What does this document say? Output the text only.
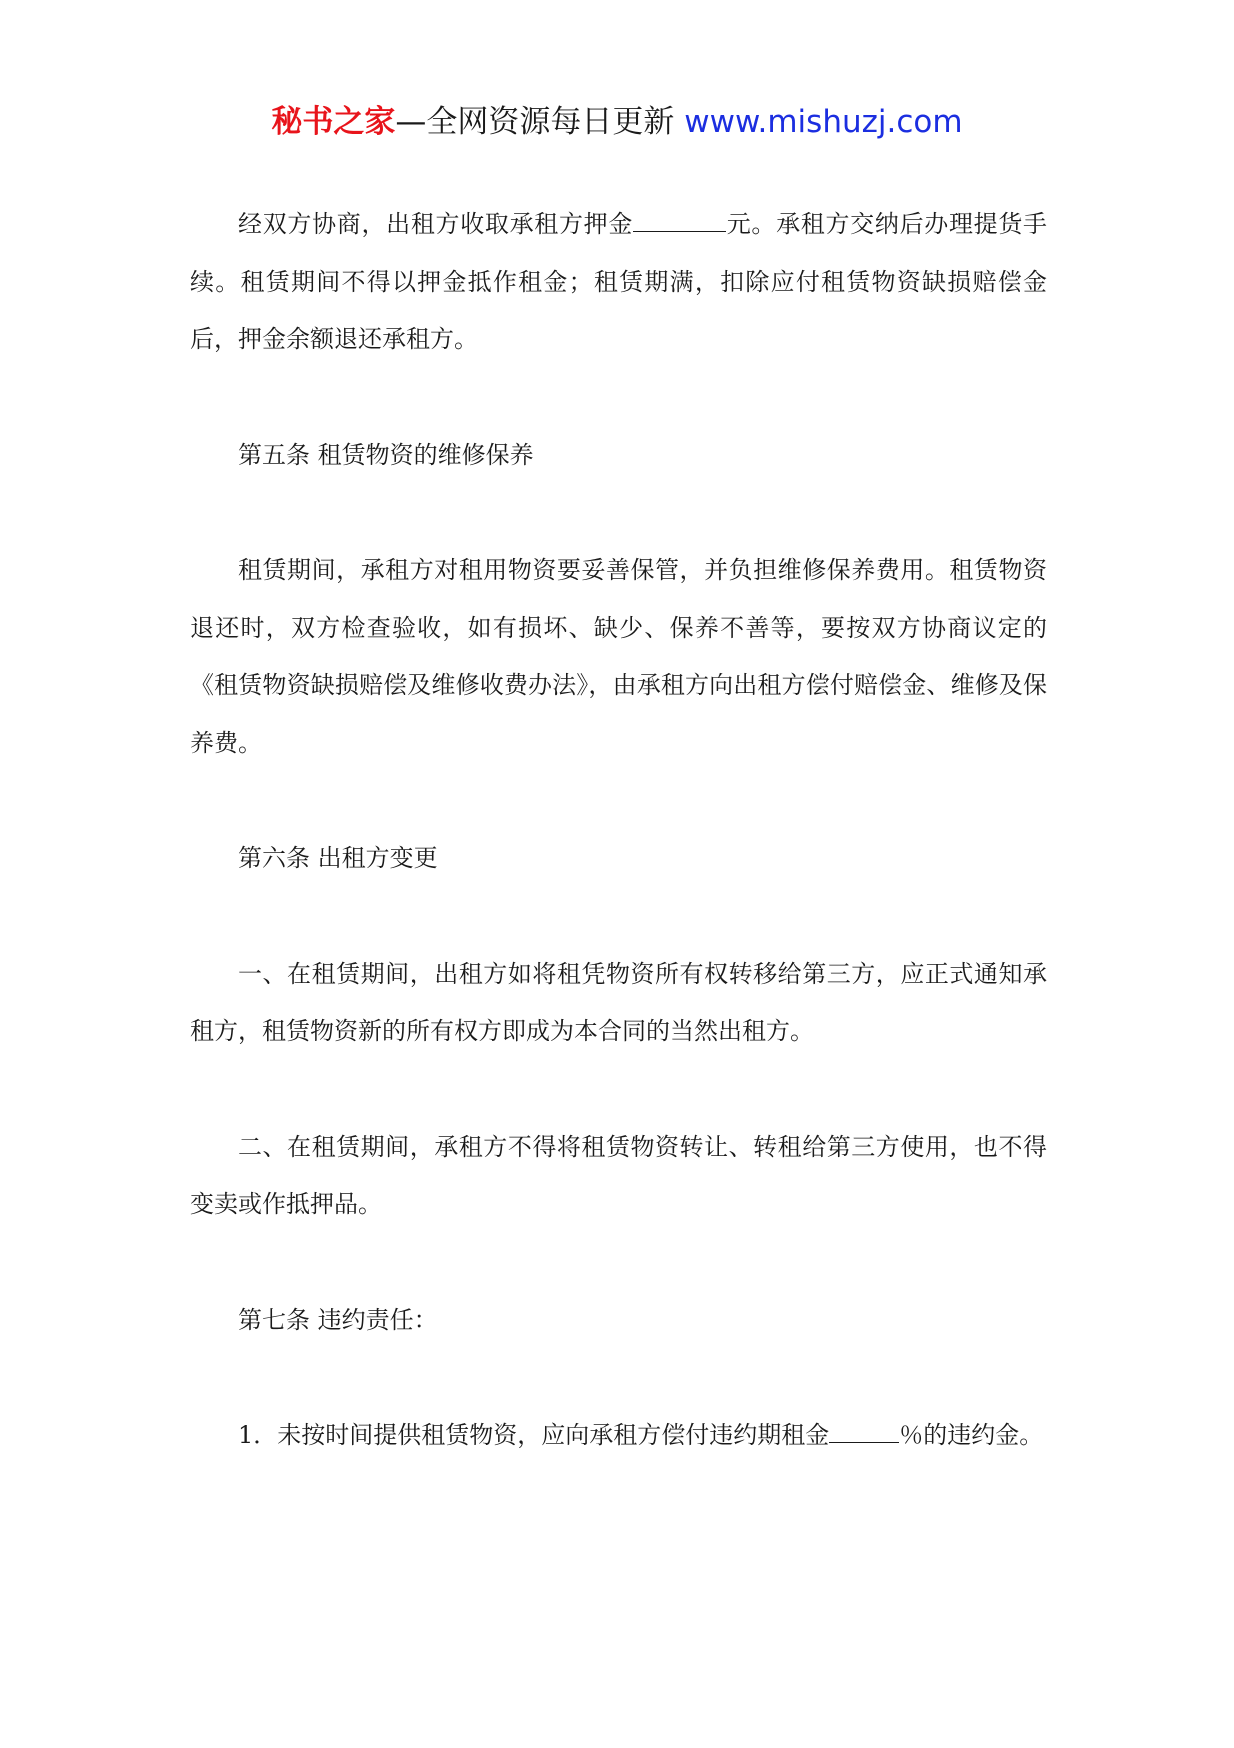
秘书之家—全网资源每日更新 www.mishuzj.com

经双方协商，出租方收取承租方押金	元。承租方交纳后办理提货手续。租赁期间不得以押金抵作租金；租赁期满，扣除应付租赁物资缺损赔偿金后，押金余额退还承租方。

第五条 租赁物资的维修保养

租赁期间，承租方对租用物资要妥善保管，并负担维修保养费用。租赁物资退还时，双方检查验收，如有损坏、缺少、保养不善等，要按双方协商议定的《租赁物资缺损赔偿及维修收费办法》，由承租方向出租方偿付赔偿金、维修及保养费。

第六条 出租方变更

一、在租赁期间，出租方如将租凭物资所有权转移给第三方，应正式通知承租方，租赁物资新的所有权方即成为本合同的当然出租方。

二、在租赁期间，承租方不得将租赁物资转让、转租给第三方使用，也不得变卖或作抵押品。

第七条 违约责任：

1．未按时间提供租赁物资，应向承租方偿付违约期租金	％的违约金。
